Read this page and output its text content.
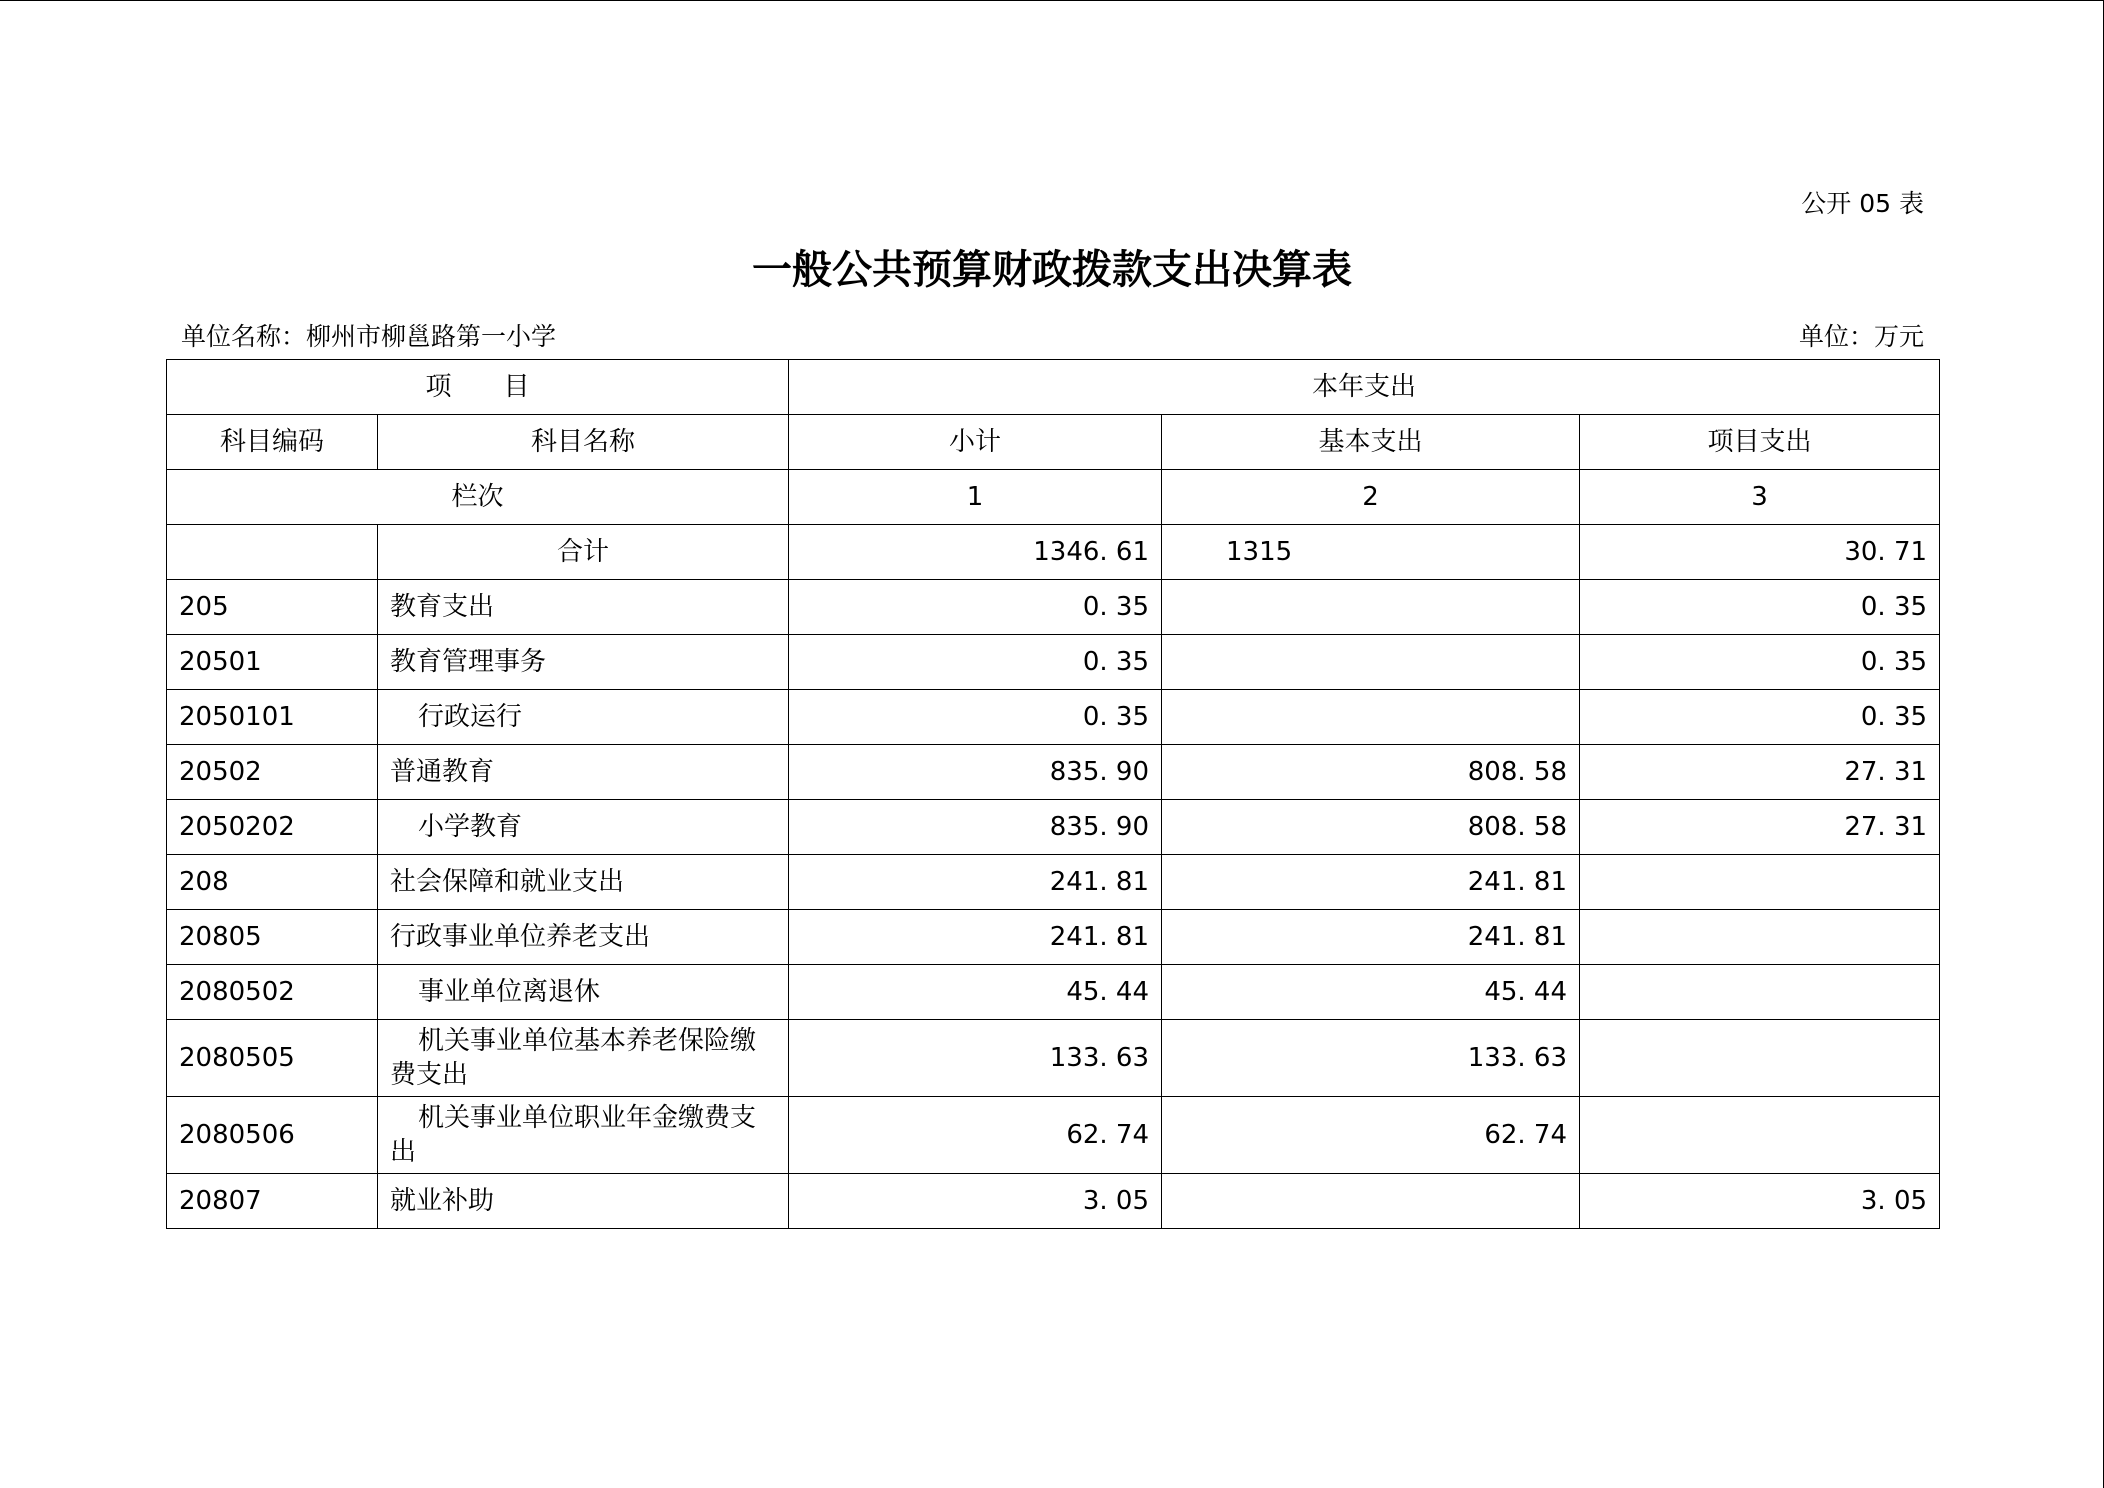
公开 05 表
一般公共预算财政拨款支出决算表
单位名称：柳州市柳邕路第一小学	单位：万元
项　　目		本年支出		
科目编码	科目名称	小计	基本支出	项目支出
栏次		1	2	3
	合计	1346. 61	1315	30. 71
205	教育支出	0. 35		0. 35
20501	教育管理事务	0. 35		0. 35
2050101	行政运行	0. 35		0. 35
20502	普通教育	835. 90	808. 58	27. 31
2050202	小学教育	835. 90	808. 58	27. 31
208	社会保障和就业支出	241. 81	241. 81	
20805	行政事业单位养老支出	241. 81	241. 81	
2080502	事业单位离退休	45. 44	45. 44	
2080505	机关事业单位基本养老保险缴费支出	133. 63	133. 63	
2080506	机关事业单位职业年金缴费支出	62. 74	62. 74	
20807	就业补助	3. 05		3. 05
